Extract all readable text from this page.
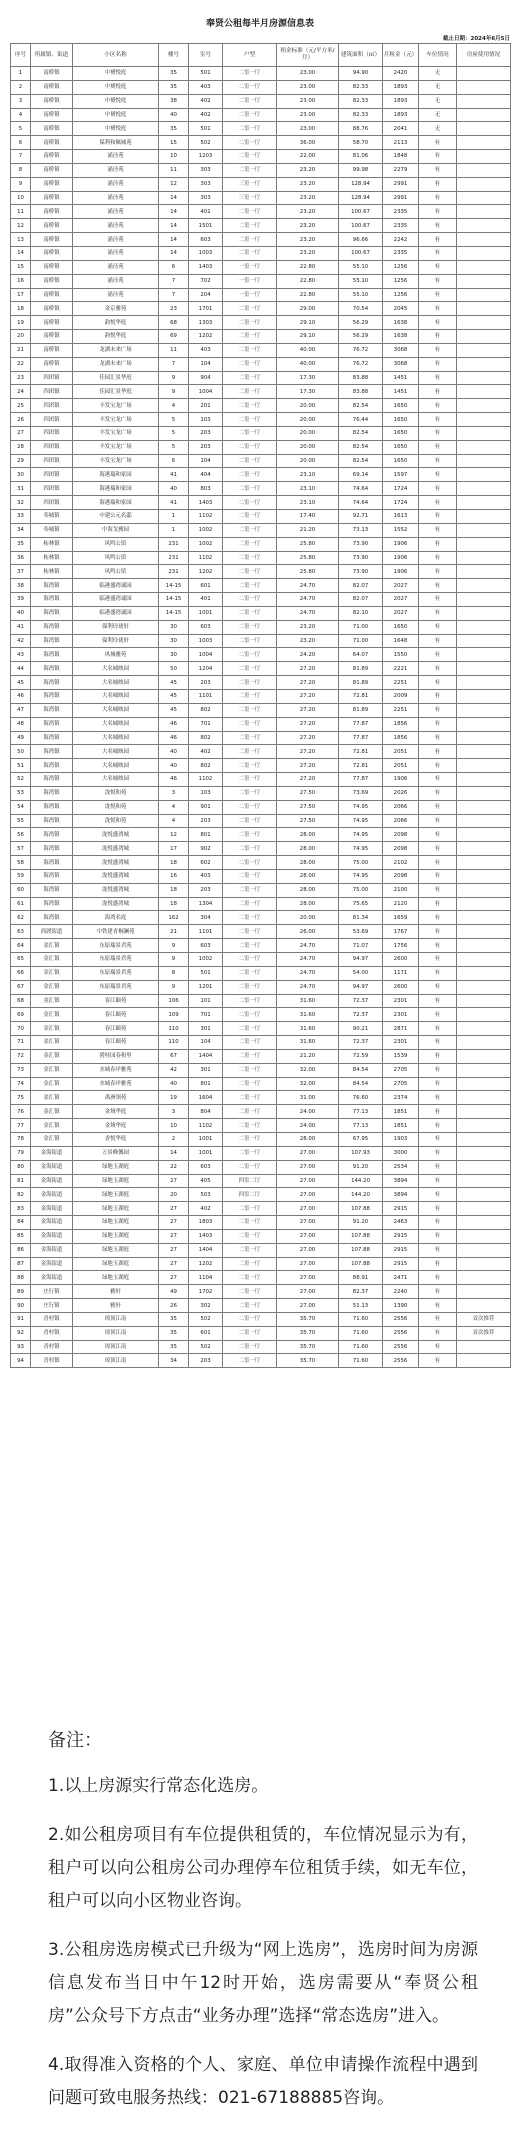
奉贤公租每半月房源信息表
截止日期：2024年6月5日
序号	所属镇、街道	小区名称	楼号	室号	户型	租金标准（元/平方米/月）	建筑面积（㎡）	月租金（元）	车位情况	房屋使用情况
1	南桥镇	中赟悦庭	35	501	二室一厅	23.00	94.90	2420	无	
2	南桥镇	中赟悦庭	35	403	二室一厅	23.00	82.33	1893	无	
3	南桥镇	中赟悦庭	38	402	二室一厅	23.00	82.33	1893	无	
4	南桥镇	中赟悦庭	40	402	二室一厅	23.00	82.33	1893	无	
5	南桥镇	中赟悦庭	35	501	二室一厅	23.00	88.76	2041	无	
6	南桥镇	保利和佩城苑	15	502	二室一厅	36.00	58.70	2113	有	
7	南桥镇	涌泾苑	10	1203	二室一厅	22.00	81.06	1848	有	
8	南桥镇	涌泾苑	11	303	二室一厅	23.20	99.98	2279	有	
9	南桥镇	涌泾苑	12	303	三室一厅	23.20	128.94	2991	有	
10	南桥镇	涌泾苑	14	303	三室一厅	23.20	128.94	2991	有	
11	南桥镇	涌泾苑	14	401	二室一厅	23.20	100.67	2335	有	
12	南桥镇	涌泾苑	14	1501	二室一厅	23.20	100.67	2335	有	
13	南桥镇	涌泾苑	14	603	二室一厅	23.20	96.66	2242	有	
14	南桥镇	涌泾苑	14	1003	二室一厅	23.20	100.67	2335	有	
15	南桥镇	涌泾苑	6	1403	一室一厅	22.80	55.10	1256	有	
16	南桥镇	涌泾苑	7	702	一室一厅	22.80	55.10	1256	有	
17	南桥镇	涌泾苑	7	204	一室一厅	22.80	55.10	1256	有	
18	南桥镇	金京雅苑	23	1701	二室一厅	29.00	70.54	2045	有	
19	南桥镇	韵悦华庭	68	1303	二室一厅	29.10	56.29	1638	有	
20	南桥镇	韵悦华庭	69	1202	二室一厅	29.10	56.29	1638	有	
21	南桥镇	龙湖未来广场	11	403	二室一厅	40.00	76.72	3068	有	
22	南桥镇	龙湖未来广场	7	104	二室一厅	40.00	76.72	3068	有	
23	四团镇	佳园汇景华庭	9	904	二室一厅	17.30	83.88	1451	有	
24	四团镇	佳园汇景华庭	9	1004	二室一厅	17.30	83.88	1451	有	
25	四团镇	丰发宝龙广场	4	201	二室一厅	20.00	82.54	1650	有	
26	四团镇	丰发宝龙广场	5	103	二室一厅	20.00	76.44	1650	有	
27	四团镇	丰发宝龙广场	5	203	二室一厅	20.00	82.54	1650	有	
28	四团镇	丰发宝龙广场	5	203	二室一厅	20.00	82.54	1650	有	
29	四团镇	丰发宝龙广场	6	104	二室一厅	20.00	82.54	1650	有	
30	四团镇	海港瑞和家园	41	404	二室一厅	23.10	69.14	1597	有	
31	四团镇	海港瑞和家园	40	803	二室一厅	23.10	74.64	1724	有	
32	四团镇	海港瑞和家园	41	1403	二室一厅	23.10	74.64	1724	有	
33	奉城镇	中建公元名邸	1	1102	二室一厅	17.40	92.71	1613	有	
34	奉城镇	中海戈雅园	1	1002	二室一厅	21.20	73.13	1552	有	
35	柘林镇	风鸣公馆	231	1002	二室一厅	25.80	73.90	1906	有	
36	柘林镇	风鸣公馆	231	1102	二室一厅	25.80	73.90	1906	有	
37	柘林镇	风鸣公馆	231	1202	二室一厅	25.80	73.90	1906	有	
38	海湾镇	临港盛湾诚园	14-15	601	二室一厅	24.70	82.07	2027	有	
39	海湾镇	临港盛湾诚园	14-15	401	二室一厅	24.70	82.07	2027	有	
40	海湾镇	临港盛湾诚园	14-15	1001	二室一厅	24.70	82.10	2027	有	
41	海湾镇	保利玲珑轩	30	603	二室一厅	23.20	71.00	1650	有	
42	海湾镇	保利玲珑轩	30	1003	二室一厅	23.20	71.00	1648	有	
43	海湾镇	风城雅苑	30	1004	二室一厅	24.20	64.07	1550	有	
44	海湾镇	大名城映园	50	1204	二室一厅	27.20	81.89	2221	有	
45	海湾镇	大名城映园	45	203	二室一厅	27.20	81.89	2251	有	
46	海湾镇	大名城映园	45	1101	二室一厅	27.20	72.81	2009	有	
47	海湾镇	大名城映园	45	802	二室一厅	27.20	81.89	2251	有	
48	海湾镇	大名城映园	46	701	二室一厅	27.20	77.87	1856	有	
49	海湾镇	大名城映园	46	802	二室一厅	27.20	77.87	1856	有	
50	海湾镇	大名城映园	40	402	二室一厅	27.20	72.81	2051	有	
51	海湾镇	大名城映园	40	802	二室一厅	27.20	72.81	2051	有	
52	海湾镇	大名城映园	46	1102	二室一厅	27.20	77.87	1906	有	
53	海湾镇	泷悦和苑	3	103	二室一厅	27.50	73.69	2026	有	
54	海湾镇	泷悦和苑	4	901	二室一厅	27.50	74.95	2066	有	
55	海湾镇	泷悦和苑	4	203	二室一厅	27.50	74.95	2066	有	
56	海湾镇	泷悦盛湾城	12	801	二室一厅	28.00	74.95	2098	有	
57	海湾镇	泷悦盛湾城	17	902	二室一厅	28.00	74.95	2098	有	
58	海湾镇	泷悦盛湾城	18	602	二室一厅	28.00	75.00	2102	有	
59	海湾镇	泷悦盛湾城	16	403	二室一厅	28.00	74.95	2098	有	
60	海湾镇	泷悦盛湾城	18	203	二室一厅	28.00	75.00	2100	有	
61	海湾镇	泷悦盛湾城	18	1304	二室一厅	28.00	75.65	2120	有	
62	海湾镇	海湾名庭	162	304	二室一厅	20.00	81.34	1659	有	
63	西渡街道	中铁建青桐澜苑	21	1101	二室一厅	26.00	53.69	1767	有	
64	金汇镇	东原瑞景君苑	9	603	二室一厅	24.70	71.07	1756	有	
65	金汇镇	东原瑞景君苑	9	1002	二室一厅	24.70	94.97	2600	有	
66	金汇镇	东原瑞景君苑	8	501	二室一厅	24.70	54.00	1171	有	
67	金汇镇	东原瑞景君苑	9	1201	二室一厅	24.70	94.97	2600	有	
68	金汇镇	春江颐苑	106	101	二室一厅	31.60	72.37	2301	有	
69	金汇镇	春江颐苑	109	701	二室一厅	31.60	72.37	2301	有	
70	金汇镇	春江颐苑	110	301	二室一厅	31.60	90.21	2871	有	
71	金汇镇	春江颐苑	110	104	二室一厅	31.60	72.37	2301	有	
72	金汇镇	碧桂园春和里	67	1404	二室一厅	21.20	72.59	1539	有	
73	金汇镇	水城春岸雅苑	42	301	二室一厅	32.00	84.54	2705	有	
74	金汇镇	水城春岸雅苑	40	801	二室一厅	32.00	84.54	2705	有	
75	金汇镇	禹洲领苑	19	1604	二室一厅	31.00	76.60	2374	有	
76	金汇镇	金域华庭	3	804	二室一厅	24.00	77.13	1851	有	
77	金汇镇	金域华庭	10	1102	二室一厅	24.00	77.13	1851	有	
78	金汇镇	香悦华庭	2	1001	二室一厅	28.00	67.95	1903	有	
79	金海街道	万景峰馨园	14	1001	二室一厅	27.00	107.93	3000	有	
80	金海街道	绿地玉湖庭	22	603	二室一厅	27.00	91.20	2534	有	
81	金海街道	绿地玉湖庭	27	405	四室二厅	27.00	144.20	3894	有	
82	金海街道	绿地玉湖庭	20	503	四室二厅	27.00	144.20	3894	有	
83	金海街道	绿地玉湖庭	27	402	二室一厅	27.00	107.88	2915	有	
84	金海街道	绿地玉湖庭	27	1803	二室一厅	27.00	91.20	2463	有	
85	金海街道	绿地玉湖庭	27	1403	二室一厅	27.00	107.88	2915	有	
86	金海街道	绿地玉湖庭	27	1404	二室一厅	27.00	107.88	2915	有	
87	金海街道	绿地玉湖庭	27	1202	二室一厅	27.00	107.88	2915	有	
88	金海街道	绿地玉湖庭	27	1104	二室一厅	27.00	88.91	2471	有	
89	庄行镇	雅轩	49	1702	二室一厅	27.00	82.37	2240	有	
90	庄行镇	雅轩	26	302	二室一厅	27.00	51.13	1390	有	
91	青村镇	琼顶江南	35	502	二室一厅	35.70	71.60	2556	有	首次推荐
92	青村镇	琼顶江南	35	601	二室一厅	35.70	71.60	2556	有	首次推荐
93	青村镇	琼顶江南	35	502	二室一厅	35.70	71.60	2556	有	
94	青村镇	琼顶江南	34	203	二室一厅	35.70	71.60	2556	有	
备注：
1.以上房源实行常态化选房。
2.如公租房项目有车位提供租赁的，车位情况显示为有，租户可以向公租房公司办理停车位租赁手续，如无车位，租户可以向小区物业咨询。
3.公租房选房模式已升级为“网上选房”，选房时间为房源信息发布当日中午12时开始，选房需要从“奉贤公租房”公众号下方点击“业务办理”选择“常态选房”进入。
4.取得准入资格的个人、家庭、单位申请操作流程中遇到问题可致电服务热线：021-67188885咨询。
